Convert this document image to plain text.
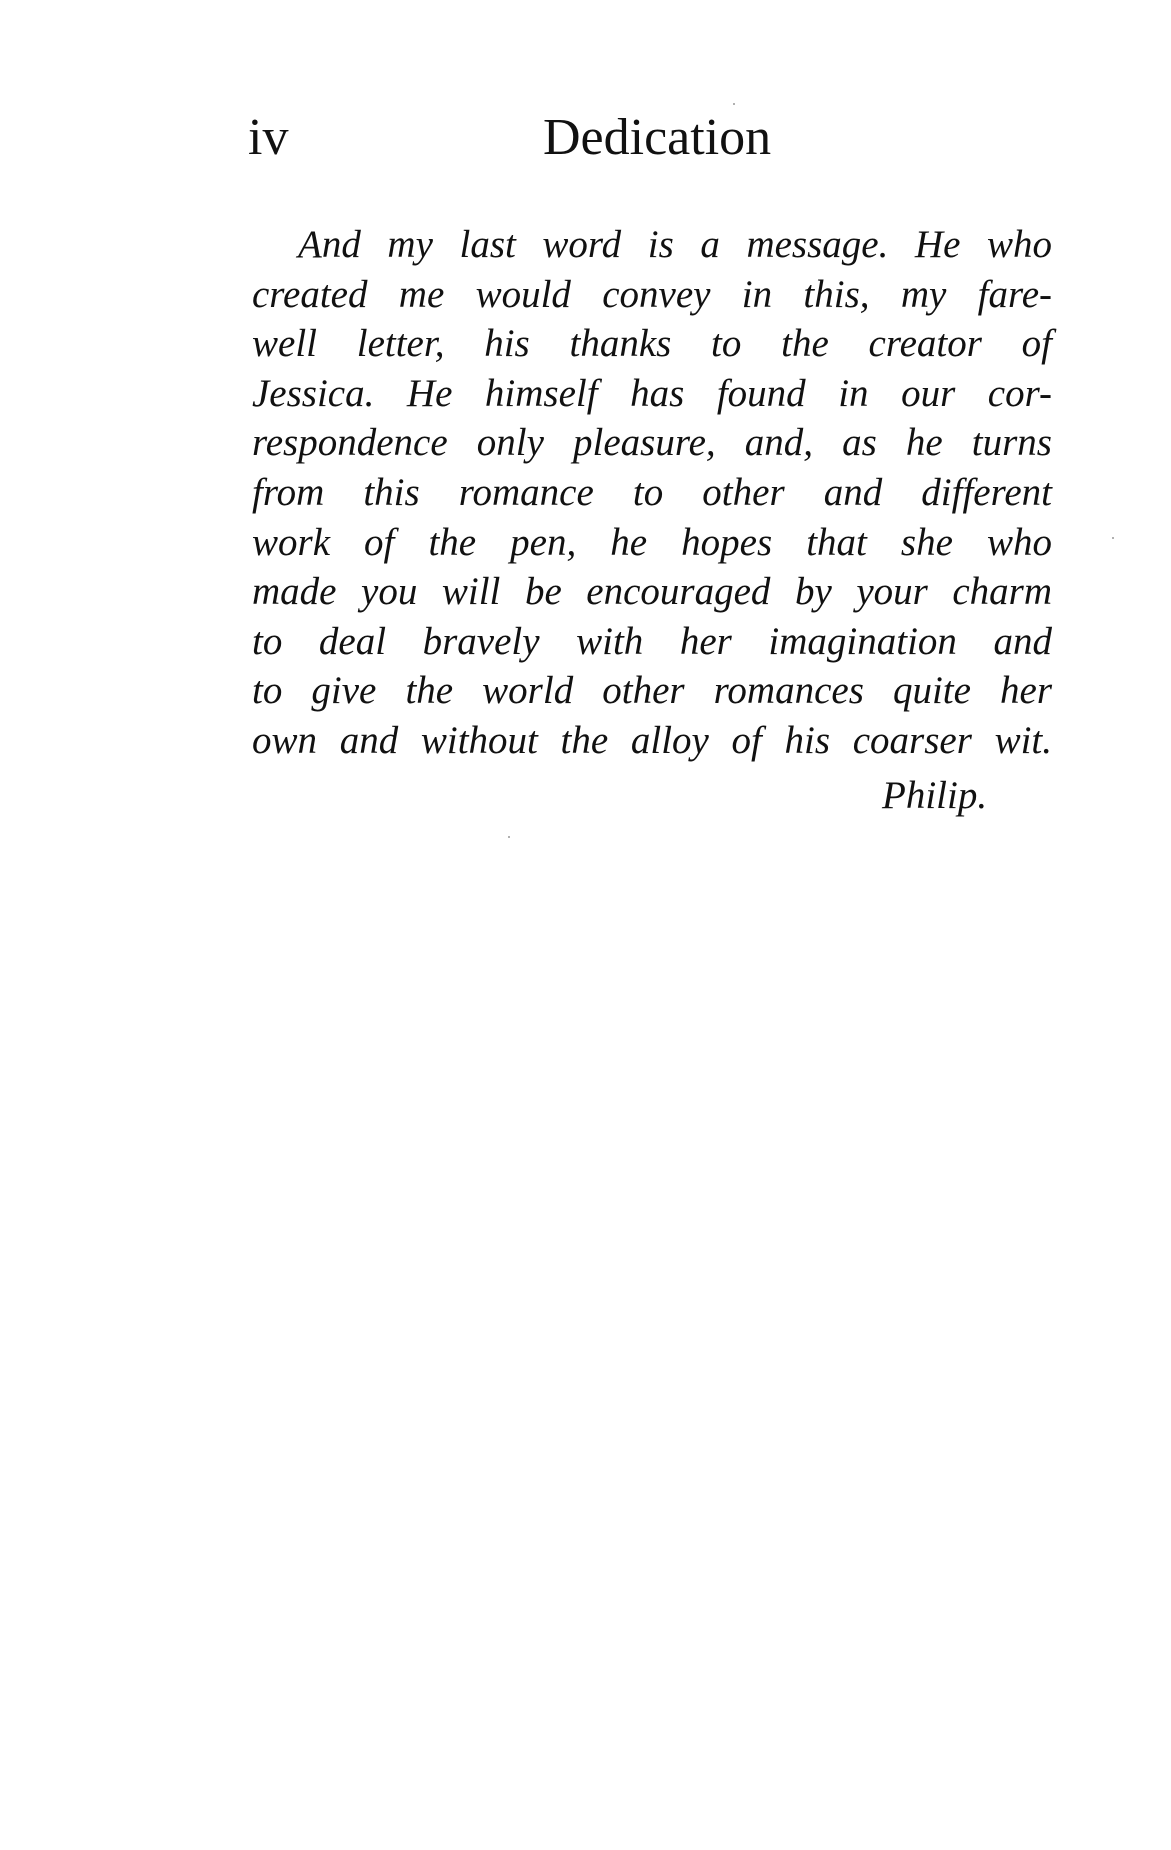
iv	Dedication
And my last word is a message. He who
created me would convey in this, my fare-
well letter, his thanks to the creator of
Jessica. He himself has found in our cor-
respondence only pleasure, and, as he turns
from this romance to other and different
work of the pen, he hopes that she who
made you will be encouraged by your charm
to deal bravely with her imagination and
to give the world other romances quite her
own and without the alloy of his coarser wit.
Philip.
